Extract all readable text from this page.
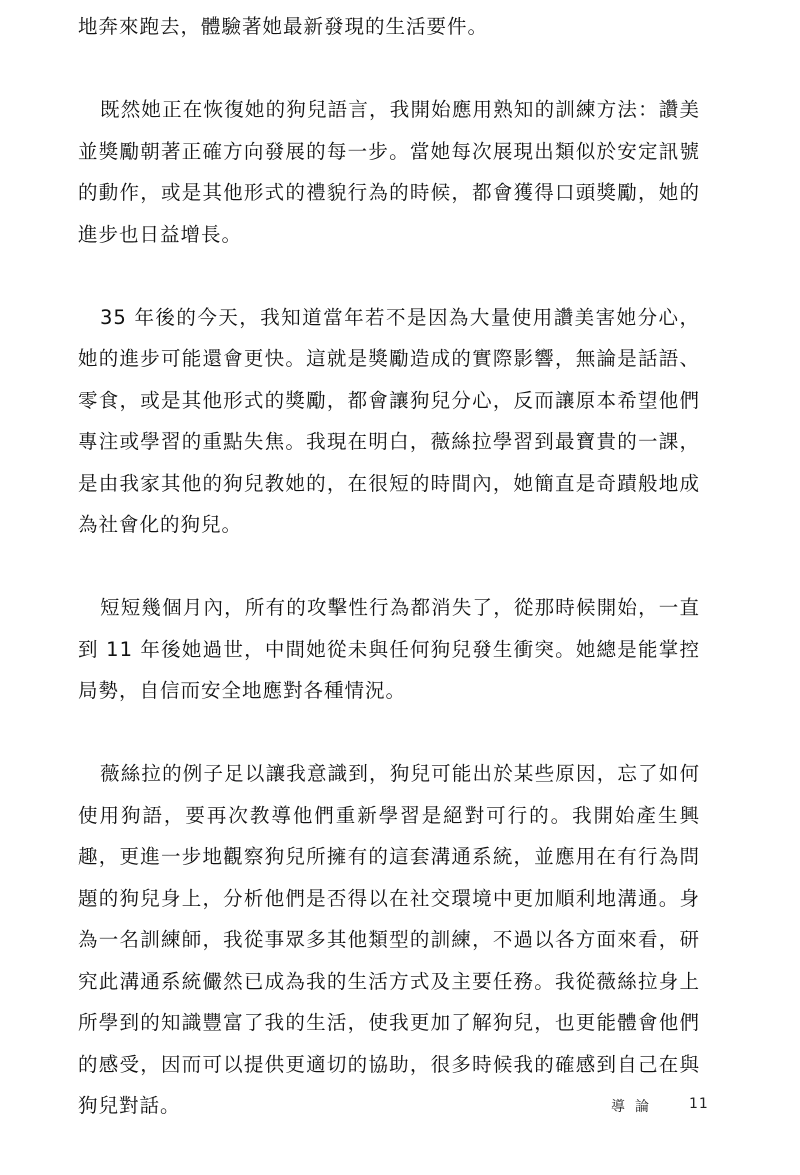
地奔來跑去，體驗著她最新發現的生活要件。

既然她正在恢復她的狗兒語言，我開始應用熟知的訓練方法：讚美並獎勵朝著正確方向發展的每一步。當她每次展現出類似於安定訊號的動作，或是其他形式的禮貌行為的時候，都會獲得口頭獎勵，她的進步也日益增長。

35 年後的今天，我知道當年若不是因為大量使用讚美害她分心，她的進步可能還會更快。這就是獎勵造成的實際影響，無論是話語、零食，或是其他形式的獎勵，都會讓狗兒分心，反而讓原本希望他們專注或學習的重點失焦。我現在明白，薇絲拉學習到最寶貴的一課，是由我家其他的狗兒教她的，在很短的時間內，她簡直是奇蹟般地成為社會化的狗兒。

短短幾個月內，所有的攻擊性行為都消失了，從那時候開始，一直到 11 年後她過世，中間她從未與任何狗兒發生衝突。她總是能掌控局勢，自信而安全地應對各種情況。

薇絲拉的例子足以讓我意識到，狗兒可能出於某些原因，忘了如何使用狗語，要再次教導他們重新學習是絕對可行的。我開始產生興趣，更進一步地觀察狗兒所擁有的這套溝通系統，並應用在有行為問題的狗兒身上，分析他們是否得以在社交環境中更加順利地溝通。身為一名訓練師，我從事眾多其他類型的訓練，不過以各方面來看，研究此溝通系統儼然已成為我的生活方式及主要任務。我從薇絲拉身上所學到的知識豐富了我的生活，使我更加了解狗兒，也更能體會他們的感受，因而可以提供更適切的協助，很多時候我的確感到自己在與狗兒對話。	導論 11
